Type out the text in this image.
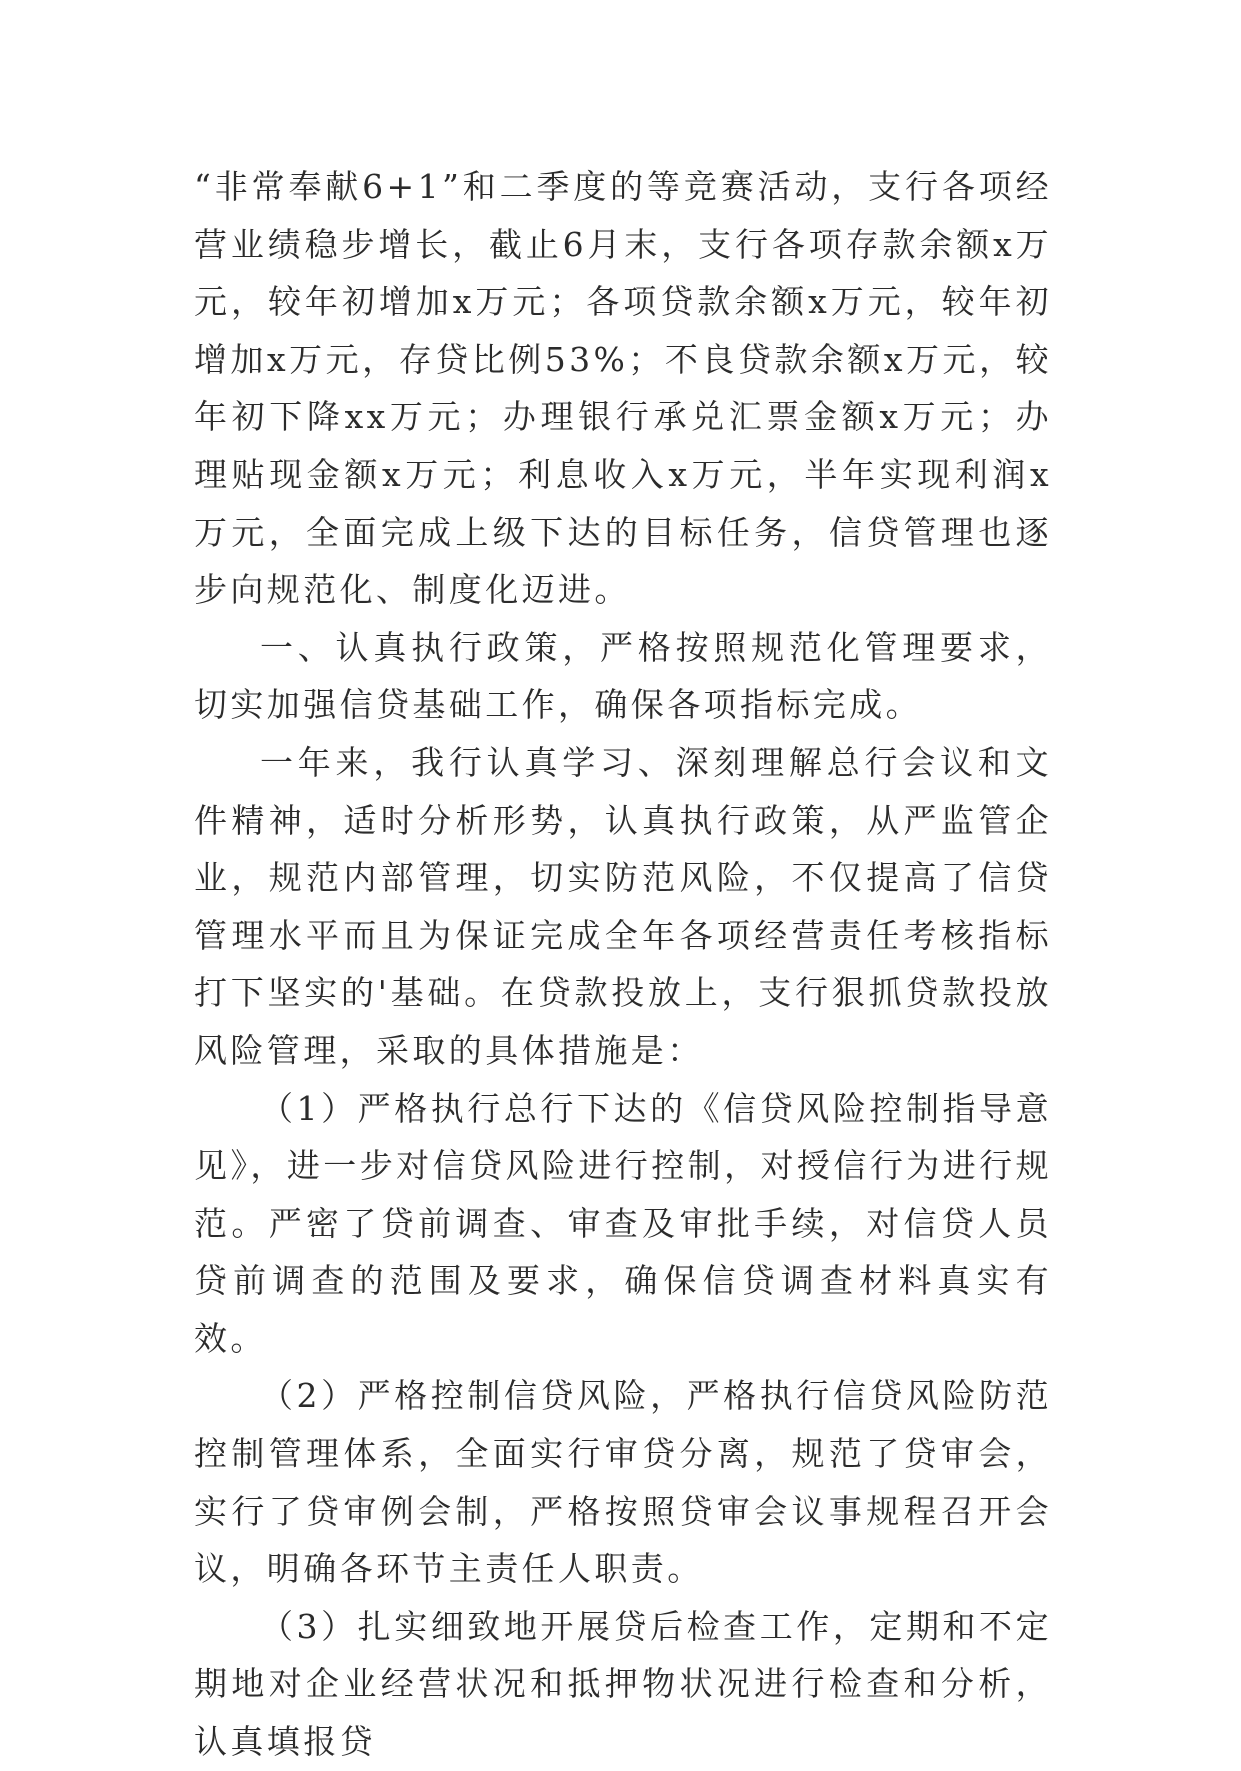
“非常奉献6+1”和二季度的等竞赛活动，支行各项经营业绩稳步增长，截止6月末，支行各项存款余额x万元，较年初增加x万元；各项贷款余额x万元，较年初增加x万元，存贷比例53%；不良贷款余额x万元，较年初下降xx万元；办理银行承兑汇票金额x万元；办理贴现金额x万元；利息收入x万元，半年实现利润x万元，全面完成上级下达的目标任务，信贷管理也逐步向规范化、制度化迈进。

一、认真执行政策，严格按照规范化管理要求，切实加强信贷基础工作，确保各项指标完成。

一年来，我行认真学习、深刻理解总行会议和文件精神，适时分析形势，认真执行政策，从严监管企业，规范内部管理，切实防范风险，不仅提高了信贷管理水平而且为保证完成全年各项经营责任考核指标打下坚实的'基础。在贷款投放上，支行狠抓贷款投放风险管理，采取的具体措施是：

（1）严格执行总行下达的《信贷风险控制指导意见》，进一步对信贷风险进行控制，对授信行为进行规范。严密了贷前调查、审查及审批手续，对信贷人员贷前调查的范围及要求，确保信贷调查材料真实有效。

（2）严格控制信贷风险，严格执行信贷风险防范控制管理体系，全面实行审贷分离，规范了贷审会，实行了贷审例会制，严格按照贷审会议事规程召开会议，明确各环节主责任人职责。

（3）扎实细致地开展贷后检查工作，定期和不定期地对企业经营状况和抵押物状况进行检查和分析，认真填报贷
